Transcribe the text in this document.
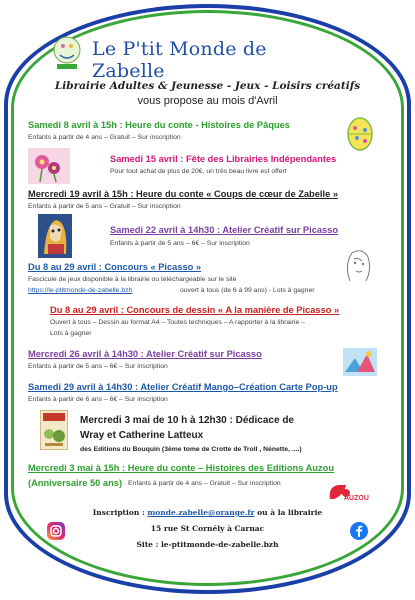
Le P'tit Monde de Zabelle
Librairie Adultes & Jeunesse - Jeux - Loisirs créatifs
vous propose au mois d'Avril
Samedi 8 avril à 15h : Heure du conte - Histoires de Pâques
Enfants à partir de 4 ans – Gratuit – Sur inscription
Samedi 15 avril : Fête des Librairies Indépendantes
Pour tout achat de plus de 20€, un très beau livre est offert
Mercredi 19 avril à 15h : Heure du conte « Coups de cœur de Zabelle »
Enfants à partir de 5 ans – Gratuit – Sur inscription
Samedi 22 avril à 14h30 : Atelier Créatif sur Picasso
Enfants à partir de 5 ans – 6€ – Sur inscription
Du 8 au 29 avril : Concours « Picasso »
Fascicule de jeux disponible à la librairie ou téléchargeable sur le site
https://le-ptitmonde-de-zabelle.bzh	ouvert à tous (de 6 à 99 ans) - Lots à gagner
Du 8 au 29 avril : Concours de dessin « A la manière de Picasso »
Ouvert à tous – Dessin au format A4 – Toutes techniques – A rapporter à la librairie –
Lots à gagner
Mercredi 26 avril à 14h30 : Atelier Créatif sur Picasso
Enfants à partir de 5 ans – 6€ – Sur inscription
Samedi 29 avril à 14h30 : Atelier Créatif Mango–Création Carte Pop-up
Enfants à partir de 6 ans – 6€ – Sur inscription
Mercredi 3 mai de 10 h à 12h30 : Dédicace de
Wray et Catherine Latteux
des Editions du Bouquin (3ème tome de Crotte de Troll , Nénette, ....)
Mercredi 3 mai à 15h : Heure du conte – Histoires des Editions Auzou
(Anniversaire 50 ans) Enfants à partir de 4 ans – Gratuit – Sur inscription
AUZOU
Inscription : monde.zabelle@orange.fr ou à la librairie
15 rue St Cornély à Carnac
Site : le-ptitmonde-de-zabelle.bzh
